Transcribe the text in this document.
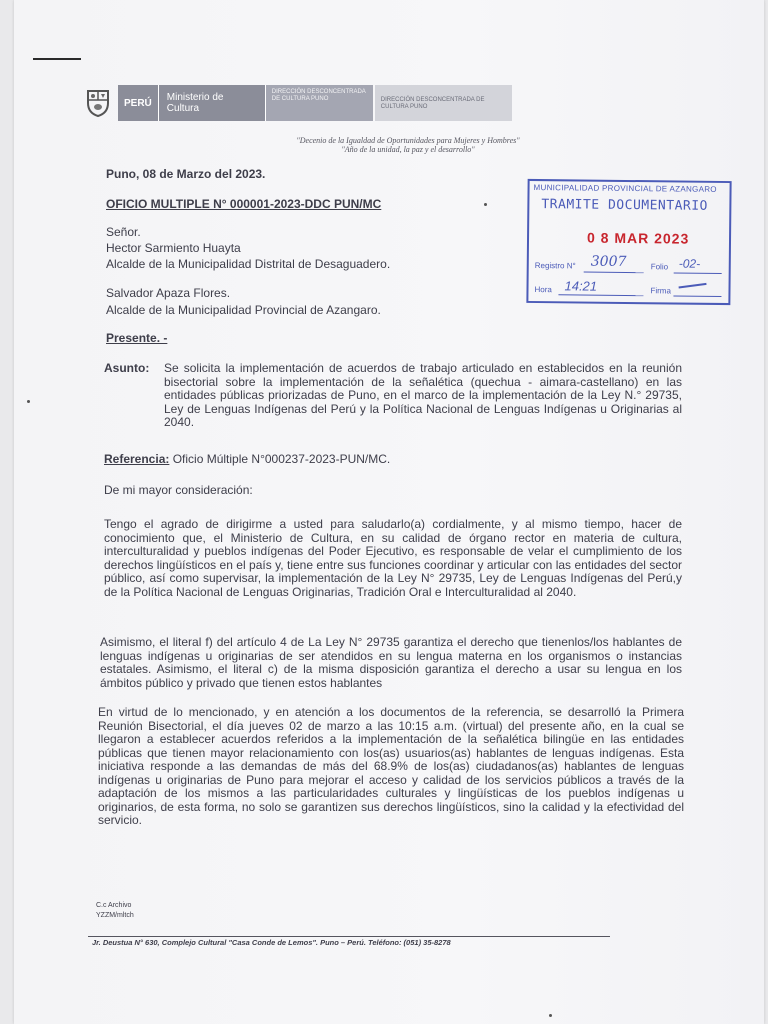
PERÚ	Ministerio de Cultura
DIRECCIÓN DESCONCENTRADA DE CULTURA PUNO	DIRECCIÓN DESCONCENTRADA DE CULTURA PUNO
"Decenio de la Igualdad de Oportunidades para Mujeres y Hombres"
"Año de la unidad, la paz y el desarrollo"
Puno, 08 de Marzo del 2023.
OFICIO MULTIPLE N° 000001-2023-DDC PUN/MC
Señor.
Hector Sarmiento Huayta
Alcalde de la Municipalidad Distrital de Desaguadero.
Salvador Apaza Flores.
Alcalde de la Municipalidad Provincial de Azangaro.
Presente. -
Asunto: Se solicita la implementación de acuerdos de trabajo articulado en establecidos en la reunión bisectorial sobre la implementación de la señalética (quechua - aimara-castellano) en las entidades públicas priorizadas de Puno, en el marco de la implementación de la Ley N.° 29735, Ley de Lenguas Indígenas del Perú y la Política Nacional de Lenguas Indígenas u Originarias al 2040.
Referencia: Oficio Múltiple N°000237-2023-PUN/MC.
De mi mayor consideración:
Tengo el agrado de dirigirme a usted para saludarlo(a) cordialmente, y al mismo tiempo, hacer de conocimiento que, el Ministerio de Cultura, en su calidad de órgano rector en materia de cultura, interculturalidad y pueblos indígenas del Poder Ejecutivo, es responsable de velar el cumplimiento de los derechos lingüísticos en el país y, tiene entre sus funciones coordinar y articular con las entidades del sector público, así como supervisar, la implementación de la Ley N° 29735, Ley de Lenguas Indígenas del Perú,y de la Política Nacional de Lenguas Originarias, Tradición Oral e Interculturalidad al 2040.
Asimismo, el literal f) del artículo 4 de La Ley N° 29735 garantiza el derecho que tienenlos/los hablantes de lenguas indígenas u originarias de ser atendidos en su lengua materna en los organismos o instancias estatales. Asimismo, el literal c) de la misma disposición garantiza el derecho a usar su lengua en los ámbitos público y privado que tienen estos hablantes
En virtud de lo mencionado, y en atención a los documentos de la referencia, se desarrolló la Primera Reunión Bisectorial, el día jueves 02 de marzo a las 10:15 a.m. (virtual) del presente año, en la cual se llegaron a establecer acuerdos referidos a la implementación de la señalética bilingüe en las entidades públicas que tienen mayor relacionamiento con los(as) usuarios(as) hablantes de lenguas indígenas. Esta iniciativa responde a las demandas de más del 68.9% de los(as) ciudadanos(as) hablantes de lenguas indígenas u originarias de Puno para mejorar el acceso y calidad de los servicios públicos a través de la adaptación de los mismos a las particularidades culturales y lingüísticas de los pueblos indígenas u originarios, de esta forma, no solo se garantizen sus derechos lingüísticos, sino la calidad y la efectividad del servicio.
C.c Archivo
YZZM/mltch
Jr. Deustua N° 630, Complejo Cultural "Casa Conde de Lemos". Puno – Perú. Teléfono: (051) 35-8278
MUNICIPALIDAD PROVINCIAL DE AZANGARO
TRAMITE DOCUMENTARIO
0 8 MAR 2023
Registro N° 3007	Folio -02-
Hora 14:21	Firma
